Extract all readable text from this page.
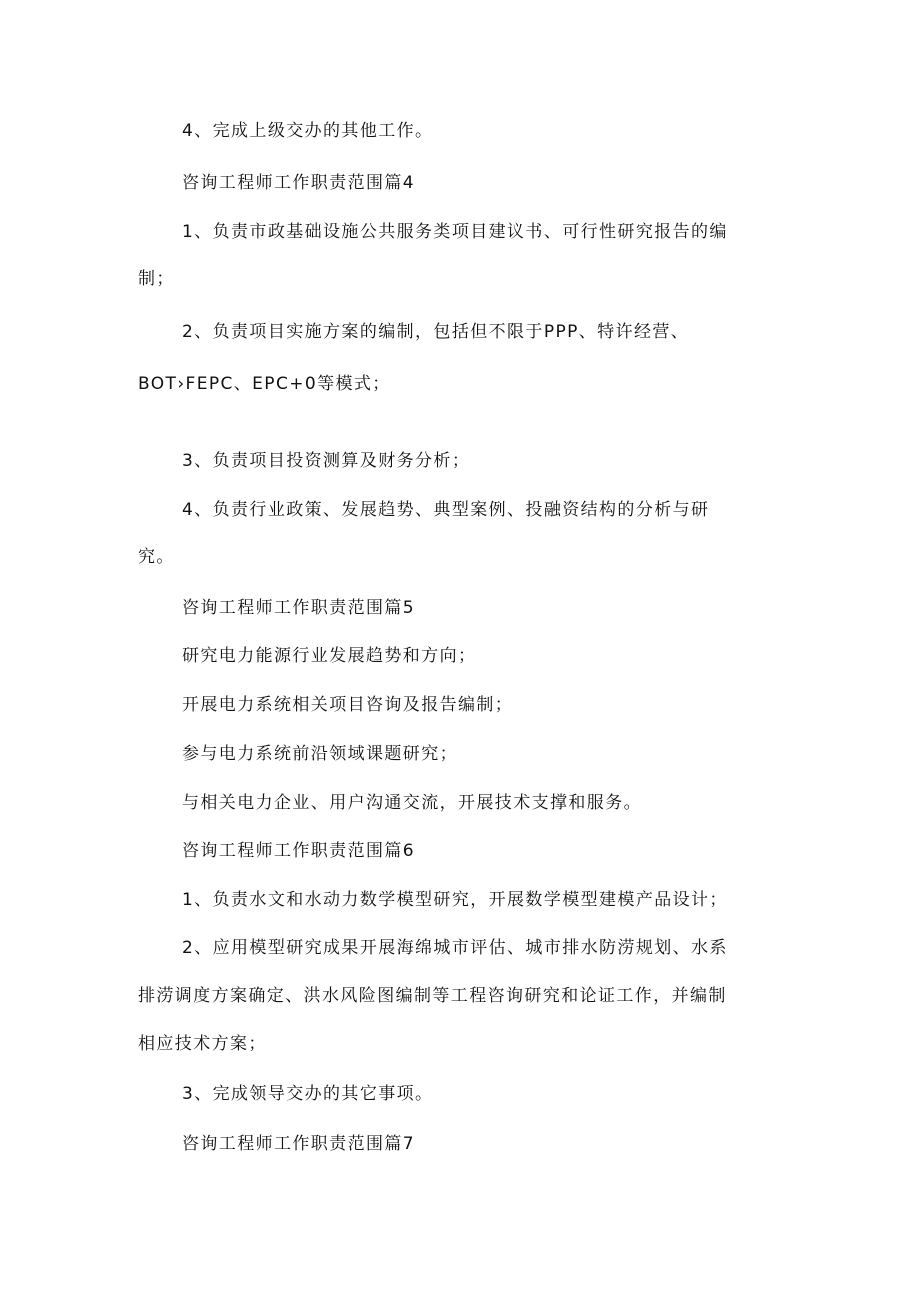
4、完成上级交办的其他工作。
咨询工程师工作职责范围篇4
1、负责市政基础设施公共服务类项目建议书、可行性研究报告的编
制；
2、负责项目实施方案的编制，包括但不限于PPP、特许经营、
BOT›FEPC、EPC+0等模式；
3、负责项目投资测算及财务分析；
4、负责行业政策、发展趋势、典型案例、投融资结构的分析与研
究。
咨询工程师工作职责范围篇5
研究电力能源行业发展趋势和方向；
开展电力系统相关项目咨询及报告编制；
参与电力系统前沿领域课题研究；
与相关电力企业、用户沟通交流，开展技术支撑和服务。
咨询工程师工作职责范围篇6
1、负责水文和水动力数学模型研究，开展数学模型建模产品设计；
2、应用模型研究成果开展海绵城市评估、城市排水防涝规划、水系
排涝调度方案确定、洪水风险图编制等工程咨询研究和论证工作，并编制
相应技术方案；
3、完成领导交办的其它事项。
咨询工程师工作职责范围篇7
